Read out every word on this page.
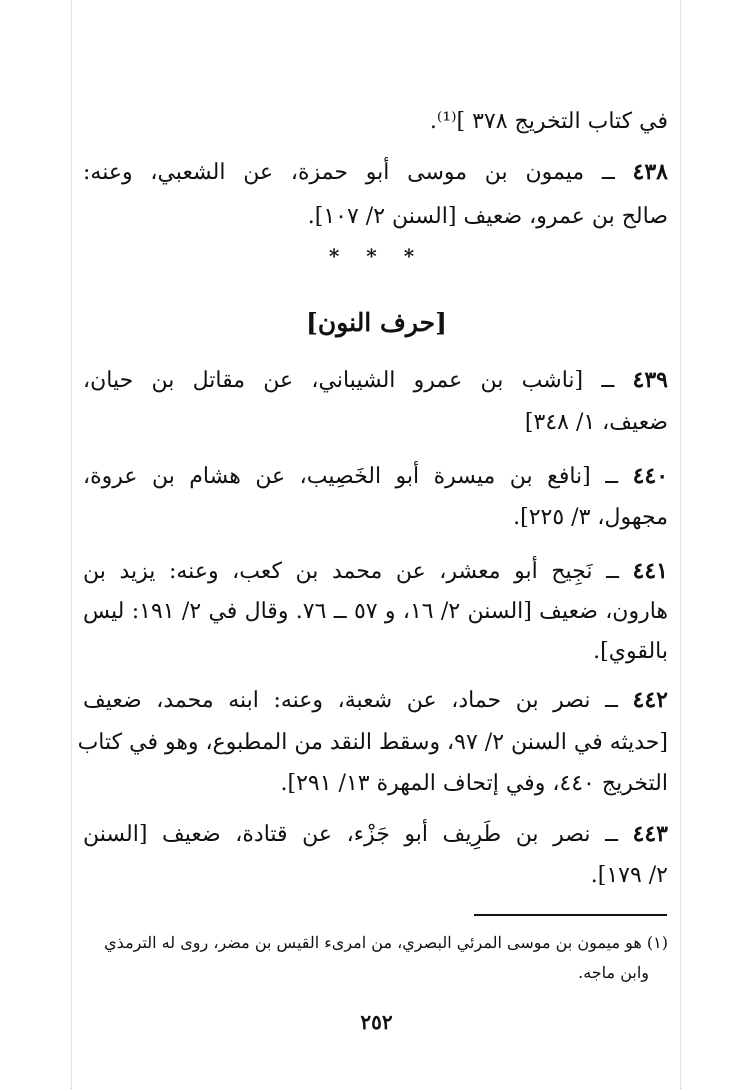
في كتاب التخريج ٣٧٨ ]⁽¹⁾.
٤٣٨ ــ ميمون بن موسى أبو حمزة، عن الشعبي، وعنه:
صالح بن عمرو، ضعيف [السنن ٢/ ١٠٧].
* * *
[حرف النون]
٤٣٩ ــ [ناشب بن عمرو الشيباني، عن مقاتل بن حيان،
ضعيف، ١/ ٣٤٨]
٤٤٠ ــ [نافع بن ميسرة أبو الخَصِيب، عن هشام بن عروة،
مجهول، ٣/ ٢٢٥].
٤٤١ ــ نَجِيح أبو معشر، عن محمد بن كعب، وعنه: يزيد بن
هارون، ضعيف [السنن ٢/ ١٦، و ٥٧ ــ ٧٦. وقال في ٢/ ١٩١: ليس
بالقوي].
٤٤٢ ــ نصر بن حماد، عن شعبة، وعنه: ابنه محمد، ضعيف
[حديثه في السنن ٢/ ٩٧، وسقط النقد من المطبوع، وهو في كتاب
التخريج ٤٤٠، وفي إتحاف المهرة ١٣/ ٢٩١].
٤٤٣ ــ نصر بن طَرِيف أبو جَزْء، عن قتادة، ضعيف [السنن
٢/ ١٧٩].
(١) هو ميمون بن موسى المرئي البصري، من امرىء القيس بن مضر، روى له الترمذي
وابن ماجه.
٢٥٢
